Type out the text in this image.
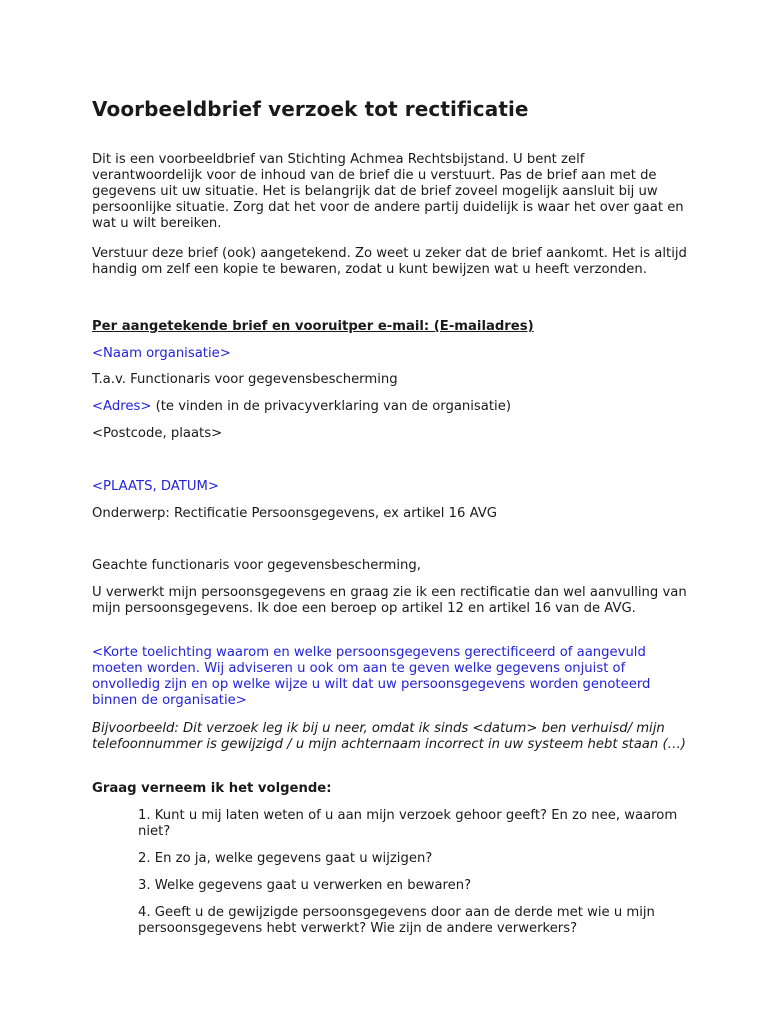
Voorbeeldbrief verzoek tot rectificatie

Dit is een voorbeeldbrief van Stichting Achmea Rechtsbijstand. U bent zelf verantwoordelijk voor de inhoud van de brief die u verstuurt. Pas de brief aan met de gegevens uit uw situatie. Het is belangrijk dat de brief zoveel mogelijk aansluit bij uw persoonlijke situatie. Zorg dat het voor de andere partij duidelijk is waar het over gaat en wat u wilt bereiken.

Verstuur deze brief (ook) aangetekend. Zo weet u zeker dat de brief aankomt. Het is altijd handig om zelf een kopie te bewaren, zodat u kunt bewijzen wat u heeft verzonden.

Per aangetekende brief en vooruitper e-mail: (E-mailadres)

<Naam organisatie>

T.a.v. Functionaris voor gegevensbescherming

<Adres> (te vinden in de privacyverklaring van de organisatie)

<Postcode, plaats>

<PLAATS, DATUM>

Onderwerp: Rectificatie Persoonsgegevens, ex artikel 16 AVG

Geachte functionaris voor gegevensbescherming,

U verwerkt mijn persoonsgegevens en graag zie ik een rectificatie dan wel aanvulling van mijn persoonsgegevens. Ik doe een beroep op artikel 12 en artikel 16 van de AVG.

<Korte toelichting waarom en welke persoonsgegevens gerectificeerd of aangevuld moeten worden. Wij adviseren u ook om aan te geven welke gegevens onjuist of onvolledig zijn en op welke wijze u wilt dat uw persoonsgegevens worden genoteerd binnen de organisatie>

Bijvoorbeeld: Dit verzoek leg ik bij u neer, omdat ik sinds <datum> ben verhuisd/ mijn telefoonnummer is gewijzigd / u mijn achternaam incorrect in uw systeem hebt staan (…)

Graag verneem ik het volgende:

1. Kunt u mij laten weten of u aan mijn verzoek gehoor geeft? En zo nee, waarom niet?

2. En zo ja, welke gegevens gaat u wijzigen?

3. Welke gegevens gaat u verwerken en bewaren?

4. Geeft u de gewijzigde persoonsgegevens door aan de derde met wie u mijn persoonsgegevens hebt verwerkt? Wie zijn de andere verwerkers?
